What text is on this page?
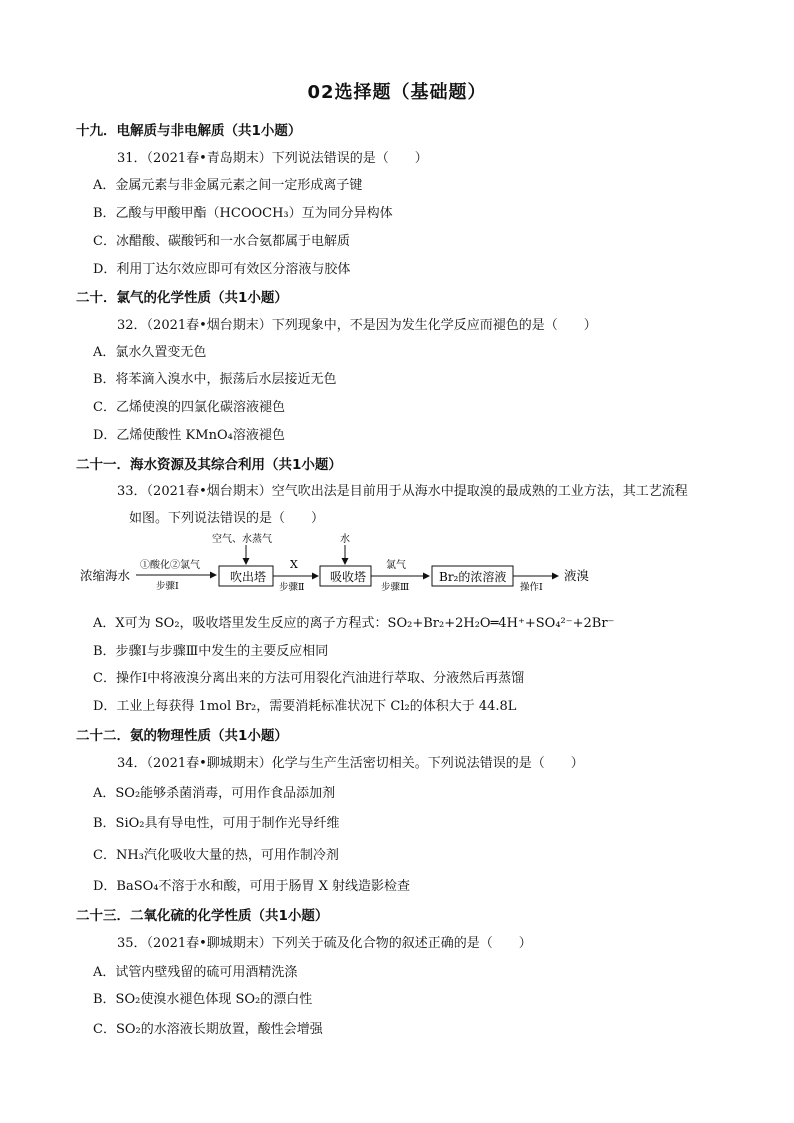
02选择题（基础题）
十九．电解质与非电解质（共1小题）
31．（2021春•青岛期末）下列说法错误的是（　　）
A．金属元素与非金属元素之间一定形成离子键
B．乙酸与甲酸甲酯（HCOOCH₃）互为同分异构体
C．冰醋酸、碳酸钙和一水合氨都属于电解质
D．利用丁达尔效应即可有效区分溶液与胶体
二十．氯气的化学性质（共1小题）
32．（2021春•烟台期末）下列现象中，不是因为发生化学反应而褪色的是（　　）
A．氯水久置变无色
B．将苯滴入溴水中，振荡后水层接近无色
C．乙烯使溴的四氯化碳溶液褪色
D．乙烯使酸性 KMnO₄溶液褪色
二十一．海水资源及其综合利用（共1小题）
33．（2021春•烟台期末）空气吹出法是目前用于从海水中提取溴的最成熟的工业方法，其工艺流程
如图。下列说法错误的是（　　）
浓缩海水
①酸化②氯气
步骤Ⅰ
吹出塔
空气、水蒸气
X
步骤Ⅱ
吸收塔
水
氯气
步骤Ⅲ
Br₂的浓溶液
操作Ⅰ
液溴
A．X可为 SO₂，吸收塔里发生反应的离子方程式：SO₂+Br₂+2H₂O═4H⁺+SO₄²⁻+2Br⁻
B．步骤Ⅰ与步骤Ⅲ中发生的主要反应相同
C．操作Ⅰ中将液溴分离出来的方法可用裂化汽油进行萃取、分液然后再蒸馏
D．工业上每获得 1mol Br₂，需要消耗标准状况下 Cl₂的体积大于 44.8L
二十二．氨的物理性质（共1小题）
34．（2021春•聊城期末）化学与生产生活密切相关。下列说法错误的是（　　）
A．SO₂能够杀菌消毒，可用作食品添加剂
B．SiO₂具有导电性，可用于制作光导纤维
C．NH₃汽化吸收大量的热，可用作制冷剂
D．BaSO₄不溶于水和酸，可用于肠胃 X 射线造影检查
二十三．二氧化硫的化学性质（共1小题）
35．（2021春•聊城期末）下列关于硫及化合物的叙述正确的是（　　）
A．试管内壁残留的硫可用酒精洗涤
B．SO₂使溴水褪色体现 SO₂的漂白性
C．SO₂的水溶液长期放置，酸性会增强
